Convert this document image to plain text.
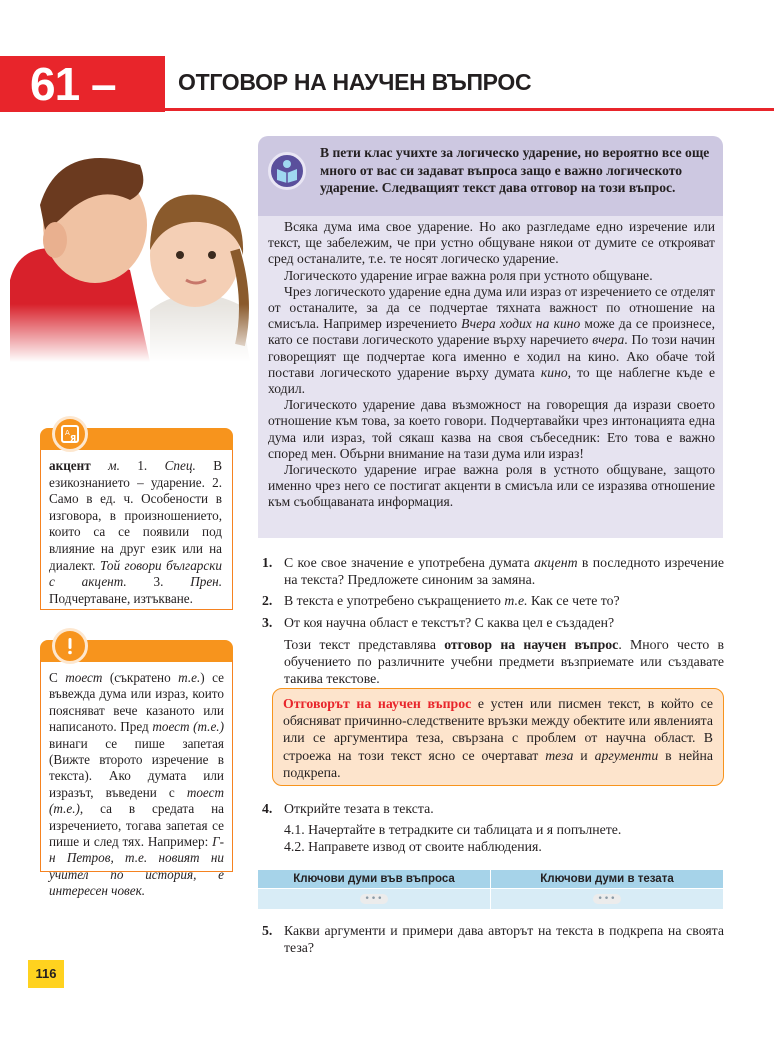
61 –	ОТГОВОР НА НАУЧЕН ВЪПРОС
A
Я
акцент м. 1. Спец. В езикознанието – ударение. 2. Само в ед. ч. Особености в изговора, в произношението, които са се появили под влияние на друг език или на диалект. Той говори български с акцент. 3. Прен. Подчертаване, изтъкване.
С тоест (съкратено т.е.) се въвежда дума или израз, които поясняват вече казаното или написаното. Пред тоест (т.е.) винаги се пише запетая (Вижте второто изречение в текста). Ако думата или изразът, въведени с тоест (т.е.), са в средата на изречението, тогава запетая се пише и след тях. Например: Г-н Петров, т.е. новият ни учител по история, е интересен човек.
В пети клас учихте за логическо ударение, но вероятно все още много от вас си задават въпроса защо е важно логическото ударение. Следващият текст дава отговор на този въпрос.

Всяка дума има свое ударение. Но ако разгледаме едно изречение или текст, ще забележим, че при устно общуване някои от думите се открояват сред останалите, т.е. те носят логическо ударение.

Логическото ударение играе важна роля при устното общуване.

Чрез логическото ударение една дума или израз от изречението се отделят от останалите, за да се подчертае тяхната важност по отношение на смисъла. Например изречението Вчера ходих на кино може да се произнесе, като се постави логическото ударение върху наречието вчера. По този начин говорещият ще подчертае кога именно е ходил на кино. Ако обаче той постави логическото ударение върху думата кино, то ще наблегне къде е ходил.

Логическото ударение дава възможност на говорещия да изрази своето отношение към това, за което говори. Подчертавайки чрез интонацията една дума или израз, той сякаш казва на своя събеседник: Ето това е важно според мен. Обърни внимание на тази дума или израз!

Логическото ударение играе важна роля в устното общуване, защото именно чрез него се постигат акценти в смисъла или се изразява отношение към съобщаваната информация.

1. С кое свое значение е употребена думата акцент в последното изречение на текста? Предложете синоним за замяна.
2. В текста е употребено съкращението т.е. Как се чете то?
3. От коя научна област е текстът? С каква цел е създаден?
Този текст представлява отговор на научен въпрос. Много често в обучението по различните учебни предмети възприемате или създавате такива текстове.
Отговорът на научен въпрос е устен или писмен текст, в който се обясняват причинно-следствените връзки между обектите или явленията или се аргументира теза, свързана с проблем от научна област. В строежа на този текст ясно се очертават теза и аргументи в нейна подкрепа.
4. Открийте тезата в текста.
4.1. Начертайте в тетрадките си таблицата и я попълнете.
4.2. Направете извод от своите наблюдения.
Ключови думи във въпроса	Ключови думи в тезата
•••	•••
5. Какви аргументи и примери дава авторът на текста в подкрепа на своята теза?
116
